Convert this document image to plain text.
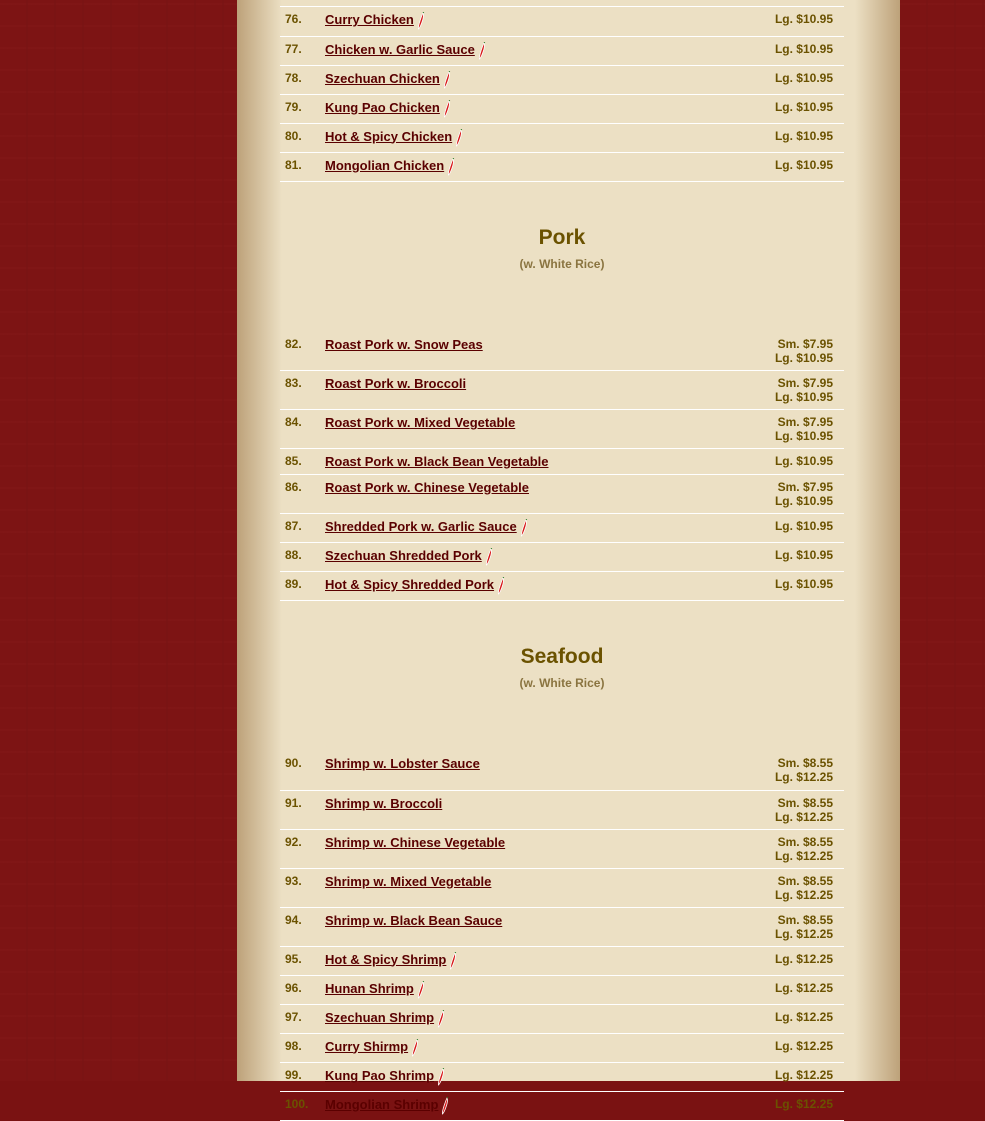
76.	Curry Chicken	Lg. $10.95

77.	Chicken w. Garlic Sauce	Lg. $10.95

78.	Szechuan Chicken	Lg. $10.95

79.	Kung Pao Chicken	Lg. $10.95

80.	Hot & Spicy Chicken	Lg. $10.95

81.	Mongolian Chicken	Lg. $10.95
Pork
(w. White Rice)
82.	Roast Pork w. Snow Peas	Sm. $7.95
Lg. $10.95

83.	Roast Pork w. Broccoli	Sm. $7.95
Lg. $10.95

84.	Roast Pork w. Mixed Vegetable	Sm. $7.95
Lg. $10.95

85.	Roast Pork w. Black Bean Vegetable	Lg. $10.95

86.	Roast Pork w. Chinese Vegetable	Sm. $7.95
Lg. $10.95

87.	Shredded Pork w. Garlic Sauce	Lg. $10.95

88.	Szechuan Shredded Pork	Lg. $10.95

89.	Hot & Spicy Shredded Pork	Lg. $10.95
Seafood
(w. White Rice)
90.	Shrimp w. Lobster Sauce	Sm. $8.55
Lg. $12.25

91.	Shrimp w. Broccoli	Sm. $8.55
Lg. $12.25

92.	Shrimp w. Chinese Vegetable	Sm. $8.55
Lg. $12.25

93.	Shrimp w. Mixed Vegetable	Sm. $8.55
Lg. $12.25

94.	Shrimp w. Black Bean Sauce	Sm. $8.55
Lg. $12.25

95.	Hot & Spicy Shrimp	Lg. $12.25

96.	Hunan Shrimp	Lg. $12.25

97.	Szechuan Shrimp	Lg. $12.25

98.	Curry Shirmp	Lg. $12.25

99.	Kung Pao Shrimp	Lg. $12.25

100.	Mongolian Shrimp	Lg. $12.25
